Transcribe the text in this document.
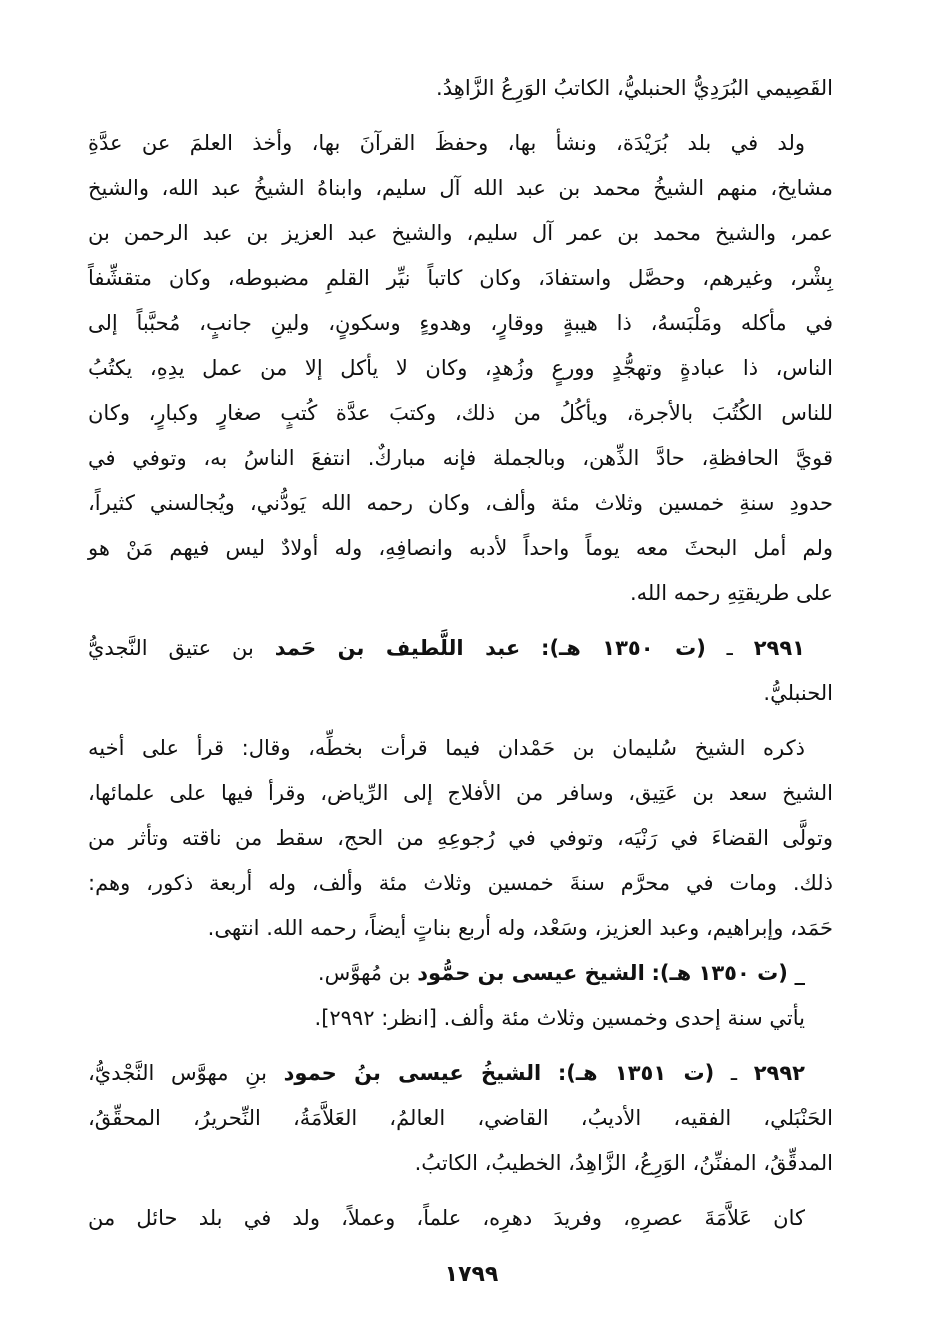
القَصِيمي البُرَدِيُّ الحنبليُّ، الكاتبُ الوَرِعُ الزَّاهِدُ.
ولد في بلد بُرَيْدَة، ونشأ بها، وحفظَ القرآنَ بها، وأخذ العلمَ عن عدَّةِ
مشايخ، منهم الشيخُ محمد بن عبد الله آل سليم، وابناهُ الشيخُ عبد الله، والشيخ
عمر، والشيخ محمد بن عمر آل سليم، والشيخ عبد العزيز بن عبد الرحمن بن
بِشْر، وغيرهم، وحصَّل واستفادَ، وكان كاتباً نيِّر القلمِ مضبوطه، وكان متقشِّفاً
في مأكله ومَلْبَسهُ، ذا هيبةٍ ووقارٍ، وهدوءٍ وسكونٍ، ولينِ جانبٍ، مُحبَّباً إلى
الناس، ذا عبادةٍ وتهجُّدٍ وورعٍ وزُهدٍ، وكان لا يأكل إلا من عمل يدِهِ، يكتُبُ
للناس الكُتُبَ بالأجرة، ويأكُلُ من ذلك، وكتبَ عدَّة كُتبٍ صغارٍ وكبارٍ، وكان
قويَّ الحافظةِ، حادَّ الذِّهن، وبالجملة فإنه مباركٌ. انتفعَ الناسُ به، وتوفي في
حدودِ سنةِ خمسين وثلاث مئة وألف، وكان رحمه الله يَودُّني، ويُجالسني كثيراً،
ولم أمل البحثَ معه يوماً واحداً لأدبه وانصافِهِ، وله أولادٌ ليس فيهم مَنْ هو
على طريقتِهِ رحمه الله.
٢٩٩١ ـ (ت ١٣٥٠ هـ): عبد اللَّطيف بن حَمد بن عتيق النَّجديُّ
الحنبليُّ.
ذكره الشيخ سُليمان بن حَمْدان فيما قرأت بخطِّه، وقال: قرأ على أخيه
الشيخ سعد بن عَتِيق، وسافر من الأفلاج إلى الرِّياض، وقرأ فيها على علمائها،
وتولَّى القضاءَ في رَنْيَه، وتوفي في رُجوعِهِ من الحج، سقط من ناقته وتأثر من
ذلك. ومات في محرَّم سنةَ خمسين وثلاث مئة وألف، وله أربعة ذكور، وهم:
حَمَد، وإبراهيم، وعبد العزيز، وسَعْد، وله أربع بناتٍ أيضاً، رحمه الله. انتهى.
_ (ت ١٣٥٠ هـ): الشيخ عيسى بن حمُّود بن مُهوَّس.
يأتي سنة إحدى وخمسين وثلاث مئة وألف. [انظر: ٢٩٩٢].
٢٩٩٢ ـ (ت ١٣٥١ هـ): الشيخُ عيسى بنُ حمود بنِ مهوَّس النَّجْديُّ،
الحَنْبَلي، الفقيه، الأديبُ، القاضي، العالمُ، العَلاَّمَةُ، النِّحريرُ، المحقِّقُ،
المدقِّقُ، المفنِّنُ، الوَرِعُ، الزَّاهِدُ، الخطيبُ، الكاتبُ.
كان عَلاَّمَةَ عصرِهِ، وفريدَ دهرِه، علماً، وعملاً، ولد في بلد حائل من
١٧٩٩
